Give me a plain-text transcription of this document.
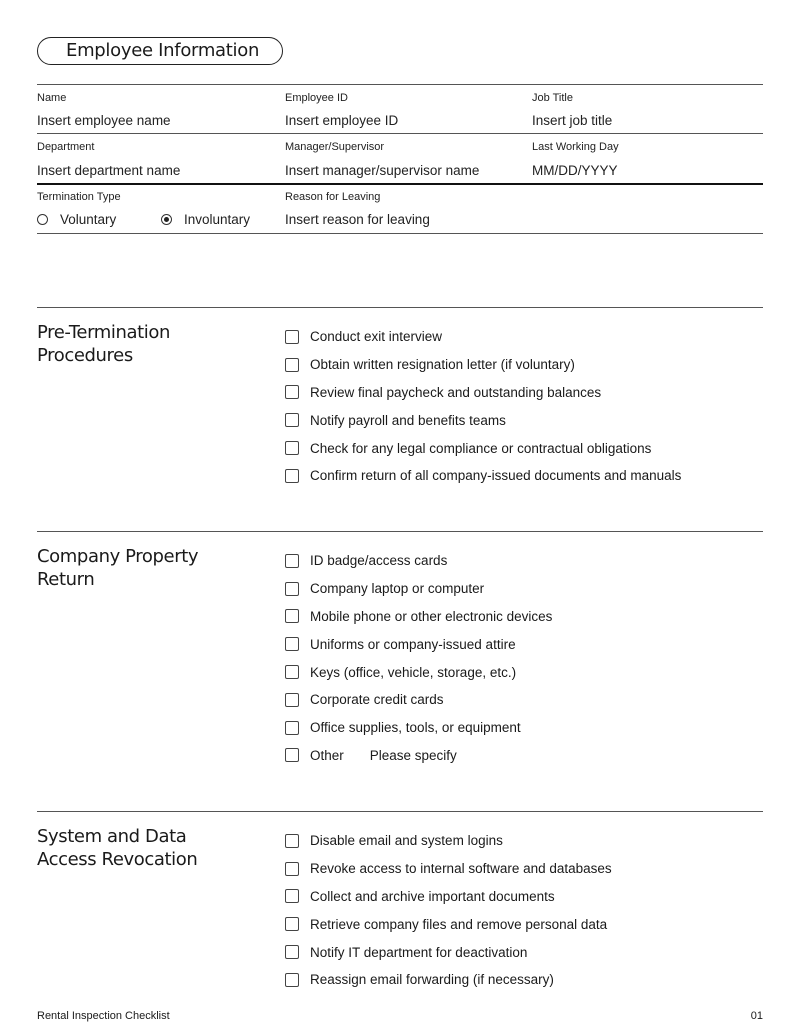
Employee Information
Name	Employee ID	Job Title
Insert employee name	Insert employee ID	Insert job title
Department	Manager/Supervisor	Last Working Day
Insert department name	Insert manager/supervisor name	MM/DD/YYYY
Termination Type	Reason for Leaving
Voluntary	Involuntary	Insert reason for leaving
Pre-Termination Procedures
Conduct exit interview
Obtain written resignation letter (if voluntary)
Review final paycheck and outstanding balances
Notify payroll and benefits teams
Check for any legal compliance or contractual obligations
Confirm return of all company-issued documents and manuals
Company Property Return
ID badge/access cards
Company laptop or computer
Mobile phone or other electronic devices
Uniforms or company-issued attire
Keys (office, vehicle, storage, etc.)
Corporate credit cards
Office supplies, tools, or equipment
Other Please specify
System and Data Access Revocation
Disable email and system logins
Revoke access to internal software and databases
Collect and archive important documents
Retrieve company files and remove personal data
Notify IT department for deactivation
Reassign email forwarding (if necessary)
Rental Inspection Checklist	01
